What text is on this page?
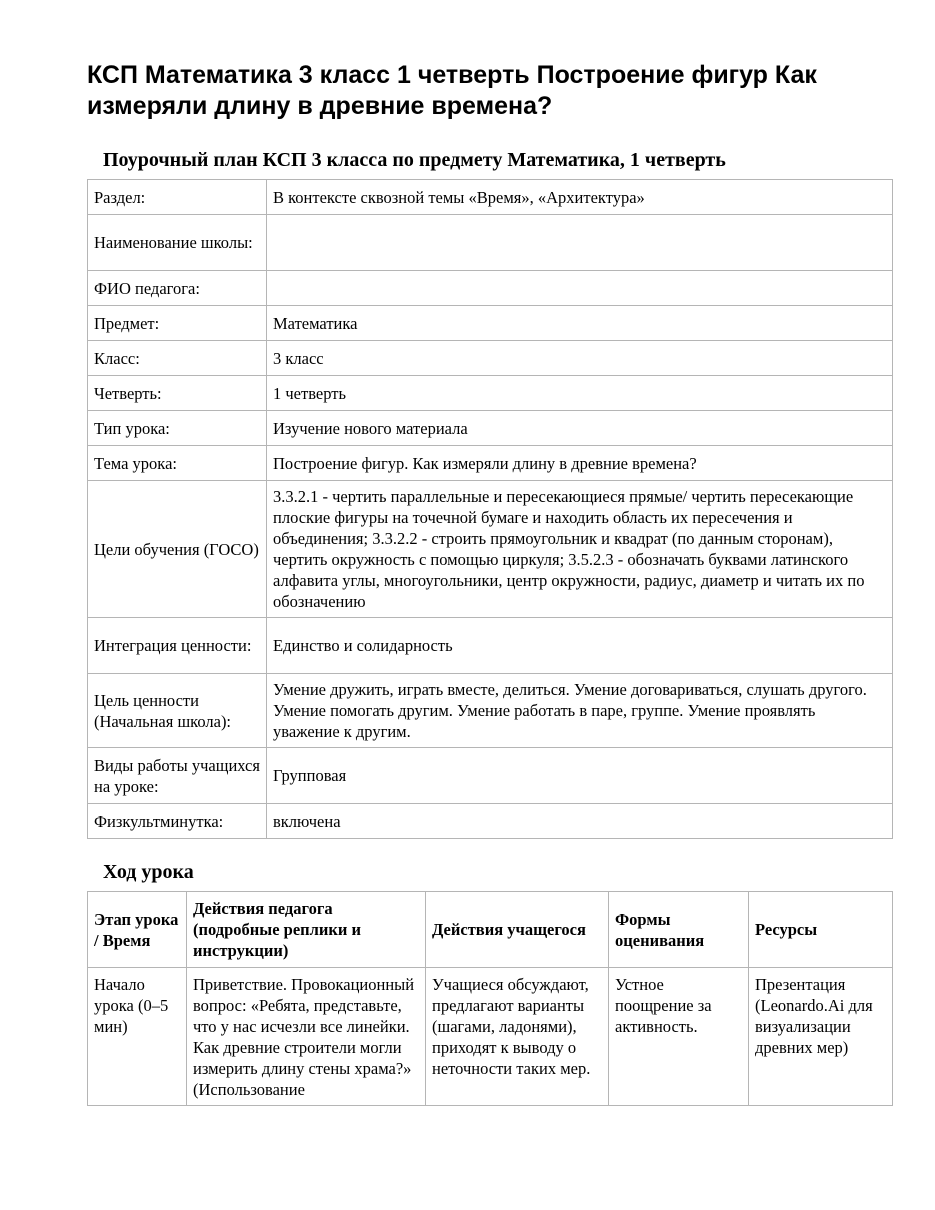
КСП Математика 3 класс 1 четверть Построение фигур Как измеряли длину в древние времена?

Поурочный план КСП 3 класса по предмету Математика, 1 четверть

Раздел:	В контексте сквозной темы «Время», «Архитектура»
Наименование школы:	
ФИО педагога:	
Предмет:	Математика
Класс:	3 класс
Четверть:	1 четверть
Тип урока:	Изучение нового материала
Тема урока:	Построение фигур. Как измеряли длину в древние времена?
Цели обучения (ГОСО)	3.3.2.1 - чертить параллельные и пересекающиеся прямые/ чертить пересекающие плоские фигуры на точечной бумаге и находить область их пересечения и объединения; 3.3.2.2 - строить прямоугольник и квадрат (по данным сторонам), чертить окружность с помощью циркуля; 3.5.2.3 - обозначать буквами латинского алфавита углы, многоугольники, центр окружности, радиус, диаметр и читать их по обозначению
Интеграция ценности:	Единство и солидарность
Цель ценности (Начальная школа):	Умение дружить, играть вместе, делиться. Умение договариваться, слушать другого. Умение помогать другим. Умение работать в паре, группе. Умение проявлять уважение к другим.
Виды работы учащихся на уроке:	Групповая
Физкультминутка:	включена

Ход урока

Этап урока / Время	Действия педагога (подробные реплики и инструкции)	Действия учащегося	Формы оценивания	Ресурсы
Начало урока (0–5 мин)	Приветствие. Провокационный вопрос: «Ребята, представьте, что у нас исчезли все линейки. Как древние строители могли измерить длину стены храма?» (Использование	Учащиеся обсуждают, предлагают варианты (шагами, ладонями), приходят к выводу о неточности таких мер.	Устное поощрение за активность.	Презентация (Leonardo.Ai для визуализации древних мер)
